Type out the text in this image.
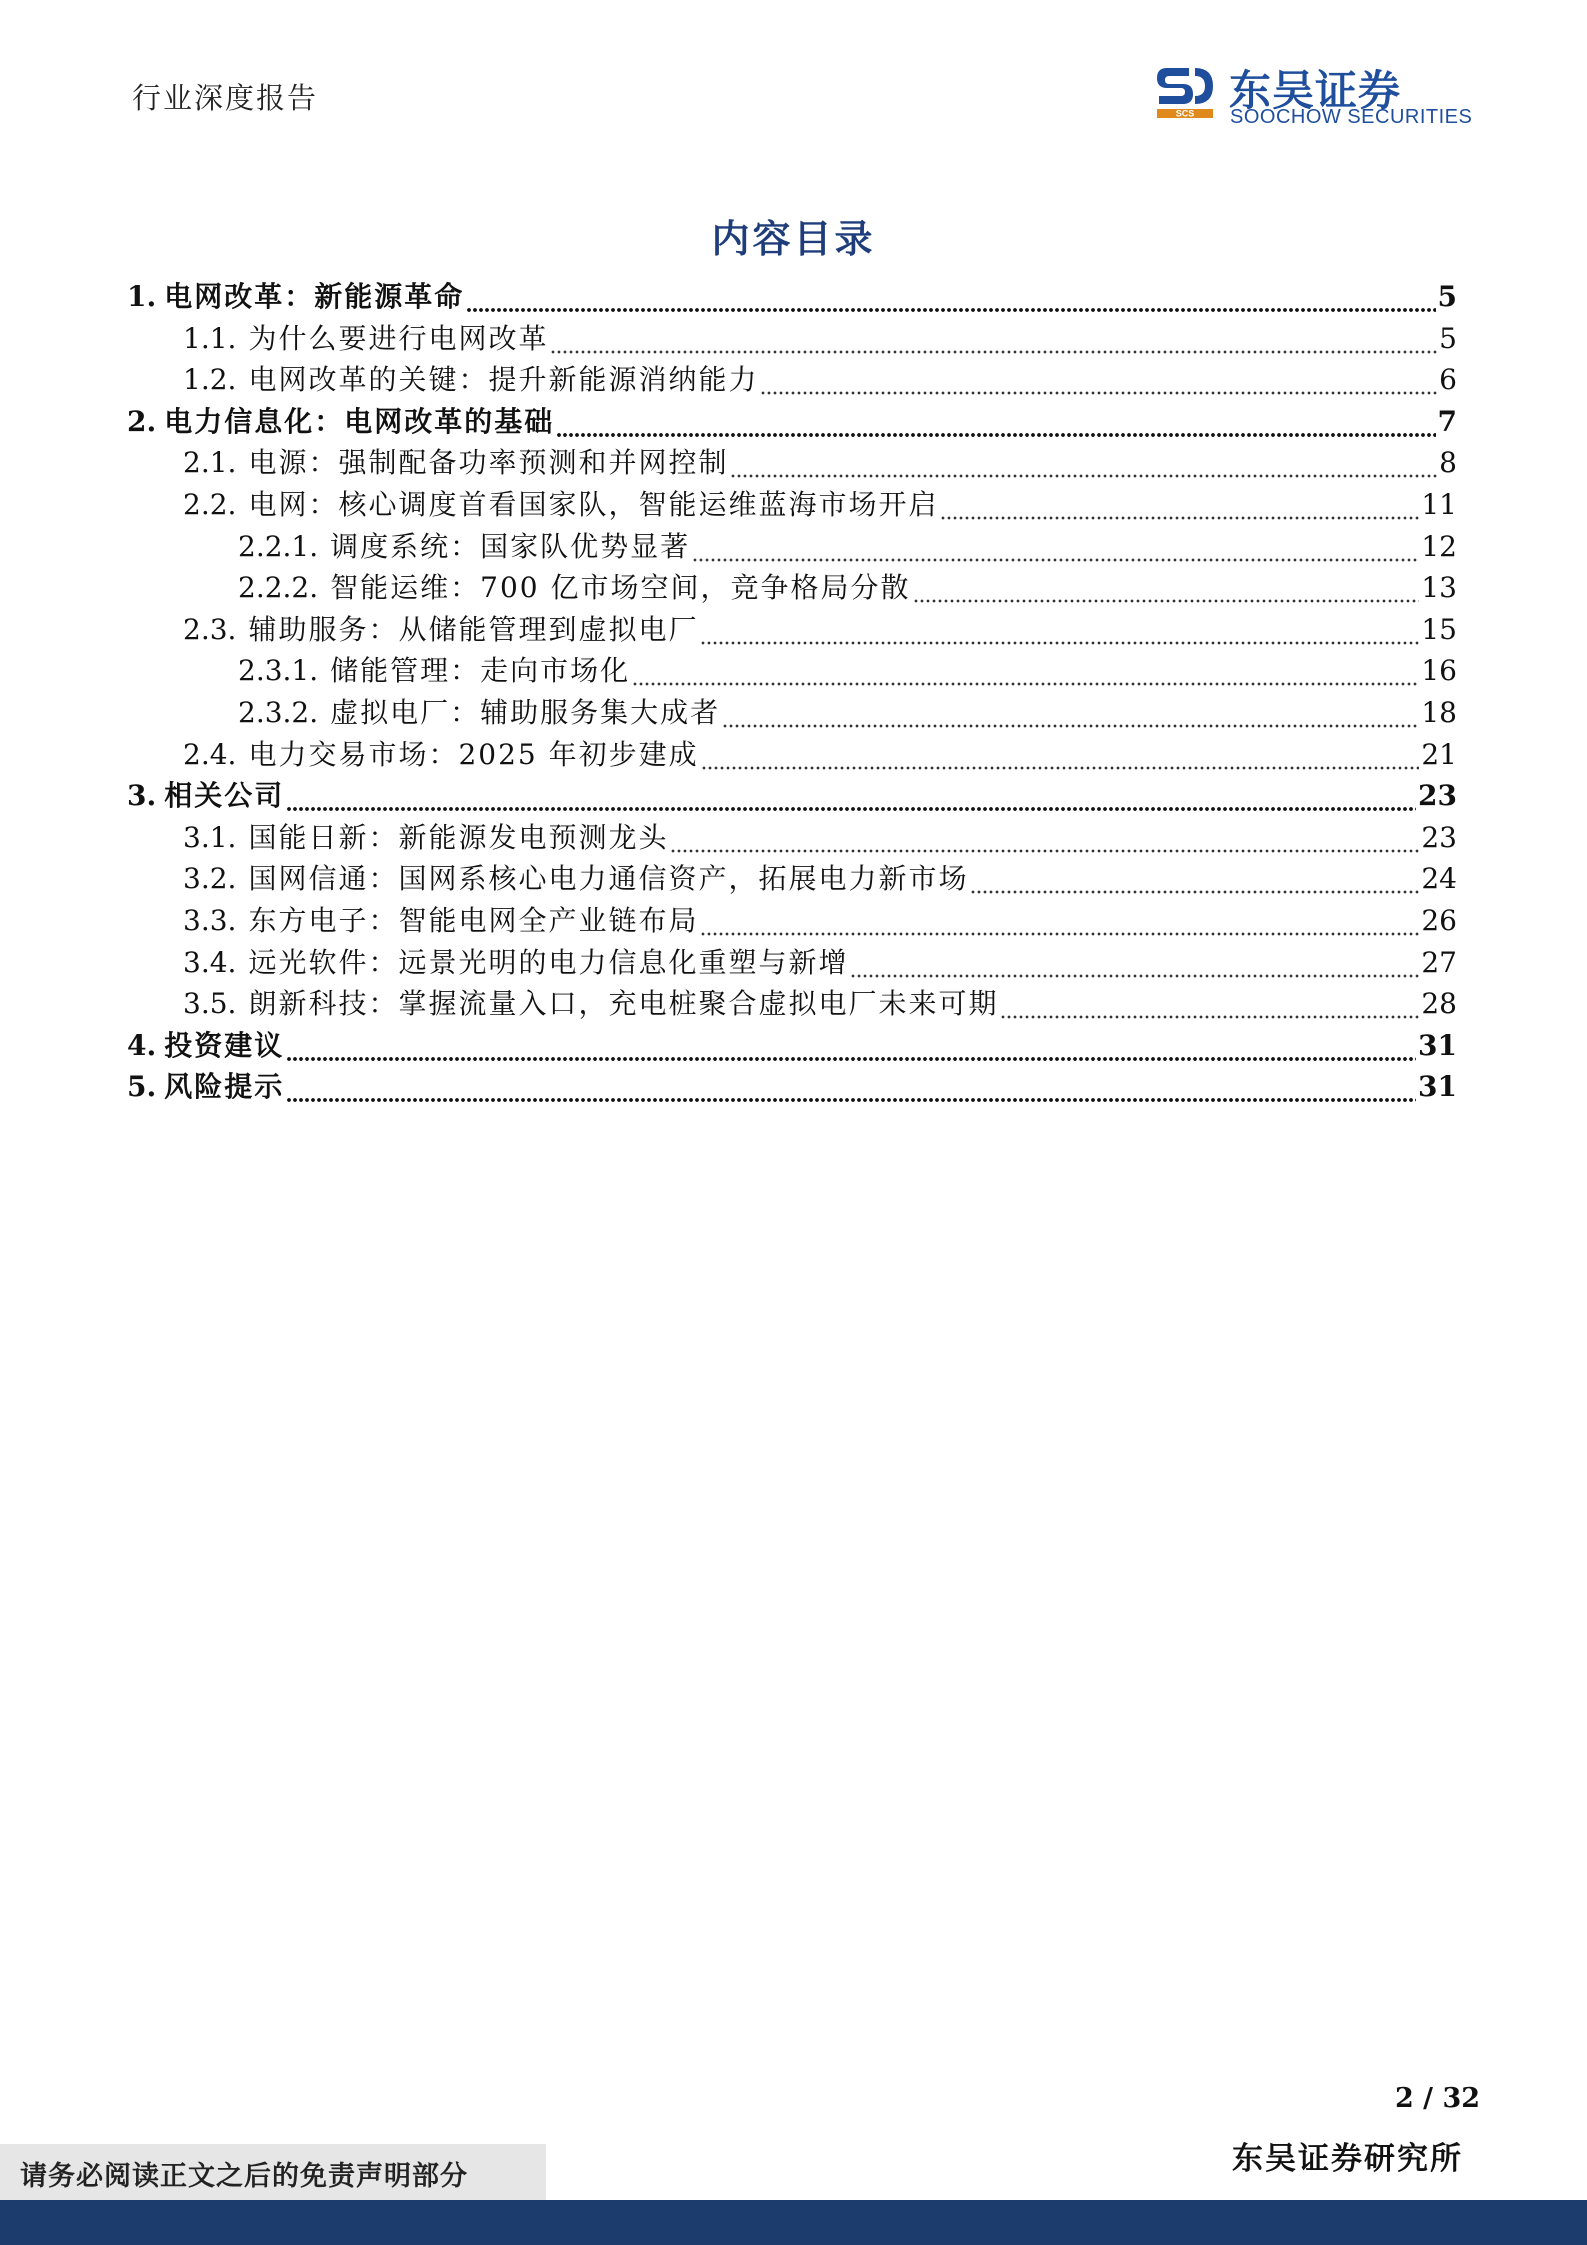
行业深度报告	SCS 东吴证券
SOOCHOW SECURITIES
内容目录
1. 电网改革：新能源革命	5
1.1. 为什么要进行电网改革	5
1.2. 电网改革的关键：提升新能源消纳能力	6
2. 电力信息化：电网改革的基础	7
2.1. 电源：强制配备功率预测和并网控制	8
2.2. 电网：核心调度首看国家队，智能运维蓝海市场开启	11
2.2.1. 调度系统：国家队优势显著	12
2.2.2. 智能运维：700 亿市场空间，竞争格局分散	13
2.3. 辅助服务：从储能管理到虚拟电厂	15
2.3.1. 储能管理：走向市场化	16
2.3.2. 虚拟电厂：辅助服务集大成者	18
2.4. 电力交易市场：2025 年初步建成	21
3. 相关公司	23
3.1. 国能日新：新能源发电预测龙头	23
3.2. 国网信通：国网系核心电力通信资产，拓展电力新市场	24
3.3. 东方电子：智能电网全产业链布局	26
3.4. 远光软件：远景光明的电力信息化重塑与新增	27
3.5. 朗新科技：掌握流量入口，充电桩聚合虚拟电厂未来可期	28
4. 投资建议	31
5. 风险提示	31
2 / 32
东吴证券研究所
请务必阅读正文之后的免责声明部分
